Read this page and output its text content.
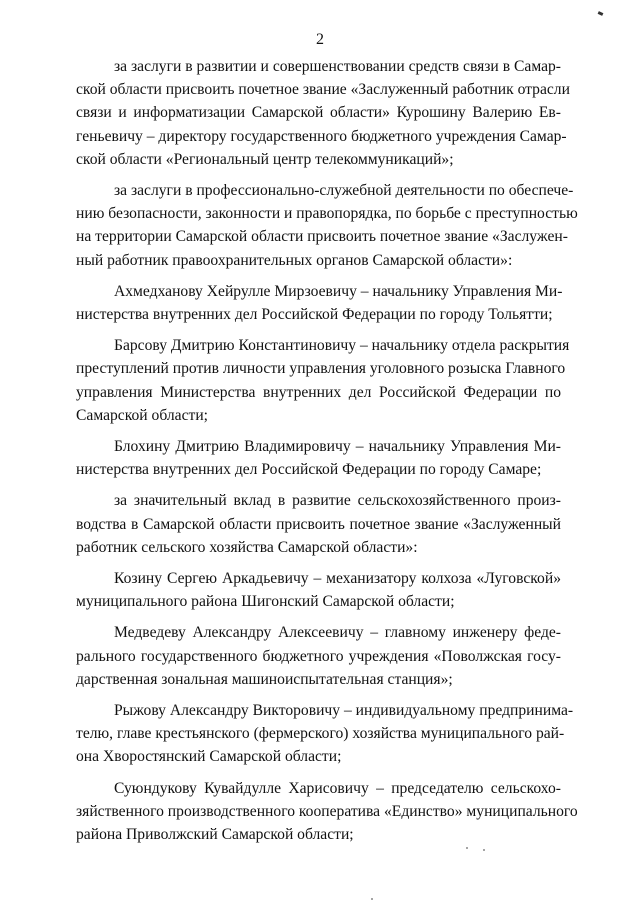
2

за заслуги в развитии и совершенствовании средств связи в Самар-
ской области присвоить почетное звание «Заслуженный работник отрасли
связи и информатизации Самарской области» Курошину Валерию Ев-
геньевичу – директору государственного бюджетного учреждения Самар-
ской области «Региональный центр телекоммуникаций»;

за заслуги в профессионально-служебной деятельности по обеспече-
нию безопасности, законности и правопорядка, по борьбе с преступностью
на территории Самарской области присвоить почетное звание «Заслужен-
ный работник правоохранительных органов Самарской области»:

Ахмедханову Хейрулле Мирзоевичу – начальнику Управления Ми-
нистерства внутренних дел Российской Федерации по городу Тольятти;

Барсову Дмитрию Константиновичу – начальнику отдела раскрытия
преступлений против личности управления уголовного розыска Главного
управления Министерства внутренних дел Российской Федерации по
Самарской области;

Блохину Дмитрию Владимировичу – начальнику Управления Ми-
нистерства внутренних дел Российской Федерации по городу Самаре;

за значительный вклад в развитие сельскохозяйственного произ-
водства в Самарской области присвоить почетное звание «Заслуженный
работник сельского хозяйства Самарской области»:

Козину Сергею Аркадьевичу – механизатору колхоза «Луговской»
муниципального района Шигонский Самарской области;

Медведеву Александру Алексеевичу – главному инженеру феде-
рального государственного бюджетного учреждения «Поволжская госу-
дарственная зональная машиноиспытательная станция»;

Рыжову Александру Викторовичу – индивидуальному предпринима-
телю, главе крестьянского (фермерского) хозяйства муниципального рай-
она Хворостянский Самарской области;

Суюндукову Кувайдулле Харисовичу – председателю сельскохо-
зяйственного производственного кооператива «Единство» муниципального
района Приволжский Самарской области;
